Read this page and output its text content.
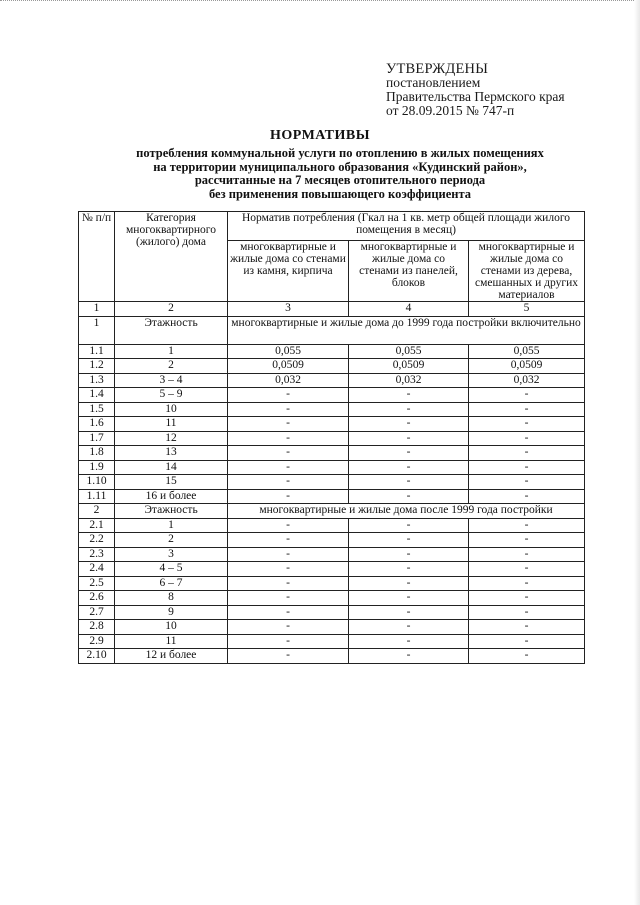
УТВЕРЖДЕНЫ
постановлением
Правительства Пермского края
от 28.09.2015 № 747-п
НОРМАТИВЫ
потребления коммунальной услуги по отоплению в жилых помещениях
на территории муниципального образования «Кудинский район»,
рассчитанные на 7 месяцев отопительного периода
без применения повышающего коэффициента
№ п/п	Категория многоквартирного (жилого) дома	Норматив потребления (Гкал на 1 кв. метр общей площади жилого помещения в месяц)		
		многоквартирные и жилые дома со стенами из камня, кирпича	многоквартирные и жилые дома со стенами из панелей, блоков	многоквартирные и жилые дома со стенами из дерева, смешанных и других материалов
1	2	3	4	5
1	Этажность	многоквартирные и жилые дома до 1999 года постройки включительно		
1.1	1	0,055	0,055	0,055
1.2	2	0,0509	0,0509	0,0509
1.3	3 – 4	0,032	0,032	0,032
1.4	5 – 9	-	-	-
1.5	10	-	-	-
1.6	11	-	-	-
1.7	12	-	-	-
1.8	13	-	-	-
1.9	14	-	-	-
1.10	15	-	-	-
1.11	16 и более	-	-	-
2	Этажность	многоквартирные и жилые дома после 1999 года постройки		
2.1	1	-	-	-
2.2	2	-	-	-
2.3	3	-	-	-
2.4	4 – 5	-	-	-
2.5	6 – 7	-	-	-
2.6	8	-	-	-
2.7	9	-	-	-
2.8	10	-	-	-
2.9	11	-	-	-
2.10	12 и более	-	-	-
